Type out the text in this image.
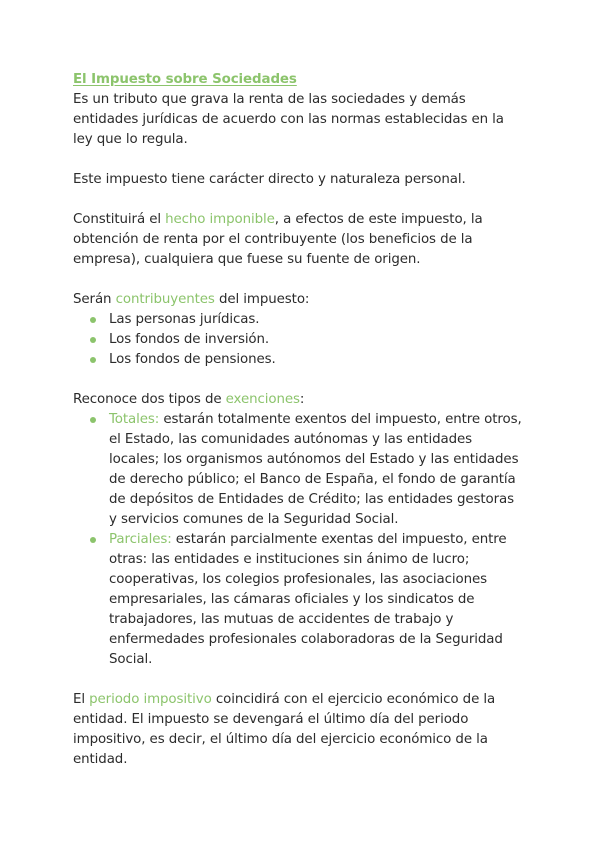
El Impuesto sobre Sociedades

Es un tributo que grava la renta de las sociedades y demás entidades jurídicas de acuerdo con las normas establecidas en la ley que lo regula.

Este impuesto tiene carácter directo y naturaleza personal.

Constituirá el hecho imponible, a efectos de este impuesto, la obtención de renta por el contribuyente (los beneficios de la empresa), cualquiera que fuese su fuente de origen.

Serán contribuyentes del impuesto:

Las personas jurídicas.
Los fondos de inversión.
Los fondos de pensiones.

Reconoce dos tipos de exenciones:

Totales: estarán totalmente exentos del impuesto, entre otros, el Estado, las comunidades autónomas y las entidades locales; los organismos autónomos del Estado y las entidades de derecho público; el Banco de España, el fondo de garantía de depósitos de Entidades de Crédito; las entidades gestoras y servicios comunes de la Seguridad Social.
Parciales: estarán parcialmente exentas del impuesto, entre otras: las entidades e instituciones sin ánimo de lucro; cooperativas, los colegios profesionales, las asociaciones empresariales, las cámaras oficiales y los sindicatos de trabajadores, las mutuas de accidentes de trabajo y enfermedades profesionales colaboradoras de la Seguridad Social.

El periodo impositivo coincidirá con el ejercicio económico de la entidad. El impuesto se devengará el último día del periodo impositivo, es decir, el último día del ejercicio económico de la entidad.
